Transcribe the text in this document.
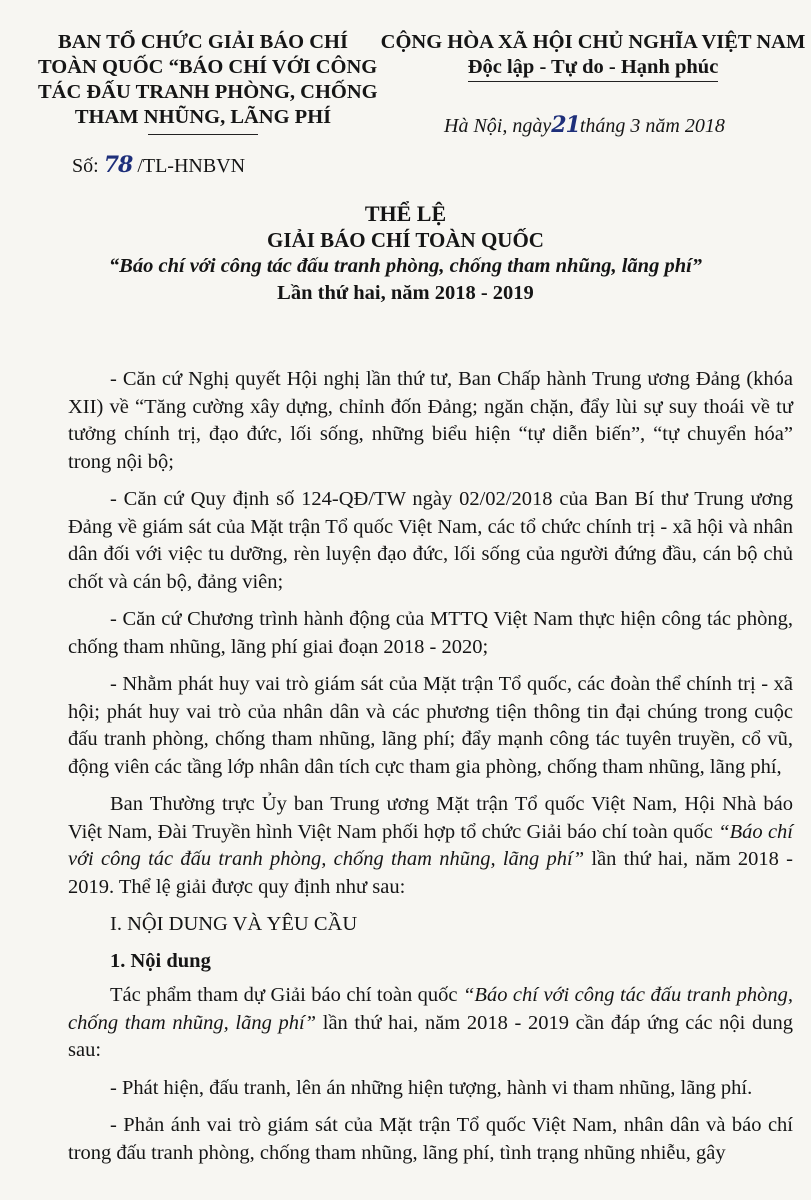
BAN TỔ CHỨC GIẢI BÁO CHÍ
TOÀN QUỐC “BÁO CHÍ VỚI CÔNG
TÁC ĐẤU TRANH PHÒNG, CHỐNG
THAM NHŨNG, LÃNG PHÍ
CỘNG HÒA XÃ HỘI CHỦ NGHĨA VIỆT NAM
Độc lập - Tự do - Hạnh phúc
Hà Nội, ngày21tháng 3 năm 2018
Số: 78 /TL-HNBVN
THỂ LỆ
GIẢI BÁO CHÍ TOÀN QUỐC
“Báo chí với công tác đấu tranh phòng, chống tham nhũng, lãng phí”
Lần thứ hai, năm 2018 - 2019

- Căn cứ Nghị quyết Hội nghị lần thứ tư, Ban Chấp hành Trung ương Đảng (khóa XII) về “Tăng cường xây dựng, chỉnh đốn Đảng; ngăn chặn, đẩy lùi sự suy thoái về tư tưởng chính trị, đạo đức, lối sống, những biểu hiện “tự diễn biến”, “tự chuyển hóa” trong nội bộ;

- Căn cứ Quy định số 124-QĐ/TW ngày 02/02/2018 của Ban Bí thư Trung ương Đảng về giám sát của Mặt trận Tổ quốc Việt Nam, các tổ chức chính trị - xã hội và nhân dân đối với việc tu dưỡng, rèn luyện đạo đức, lối sống của người đứng đầu, cán bộ chủ chốt và cán bộ, đảng viên;

- Căn cứ Chương trình hành động của MTTQ Việt Nam thực hiện công tác phòng, chống tham nhũng, lãng phí giai đoạn 2018 - 2020;

- Nhằm phát huy vai trò giám sát của Mặt trận Tổ quốc, các đoàn thể chính trị - xã hội; phát huy vai trò của nhân dân và các phương tiện thông tin đại chúng trong cuộc đấu tranh phòng, chống tham nhũng, lãng phí; đẩy mạnh công tác tuyên truyền, cổ vũ, động viên các tầng lớp nhân dân tích cực tham gia phòng, chống tham nhũng, lãng phí,

Ban Thường trực Ủy ban Trung ương Mặt trận Tổ quốc Việt Nam, Hội Nhà báo Việt Nam, Đài Truyền hình Việt Nam phối hợp tổ chức Giải báo chí toàn quốc “Báo chí với công tác đấu tranh phòng, chống tham nhũng, lãng phí” lần thứ hai, năm 2018 - 2019. Thể lệ giải được quy định như sau:

I. NỘI DUNG VÀ YÊU CẦU

1. Nội dung

Tác phẩm tham dự Giải báo chí toàn quốc “Báo chí với công tác đấu tranh phòng, chống tham nhũng, lãng phí” lần thứ hai, năm 2018 - 2019 cần đáp ứng các nội dung sau:

- Phát hiện, đấu tranh, lên án những hiện tượng, hành vi tham nhũng, lãng phí.

- Phản ánh vai trò giám sát của Mặt trận Tổ quốc Việt Nam, nhân dân và báo chí trong đấu tranh phòng, chống tham nhũng, lãng phí, tình trạng nhũng nhiễu, gây
